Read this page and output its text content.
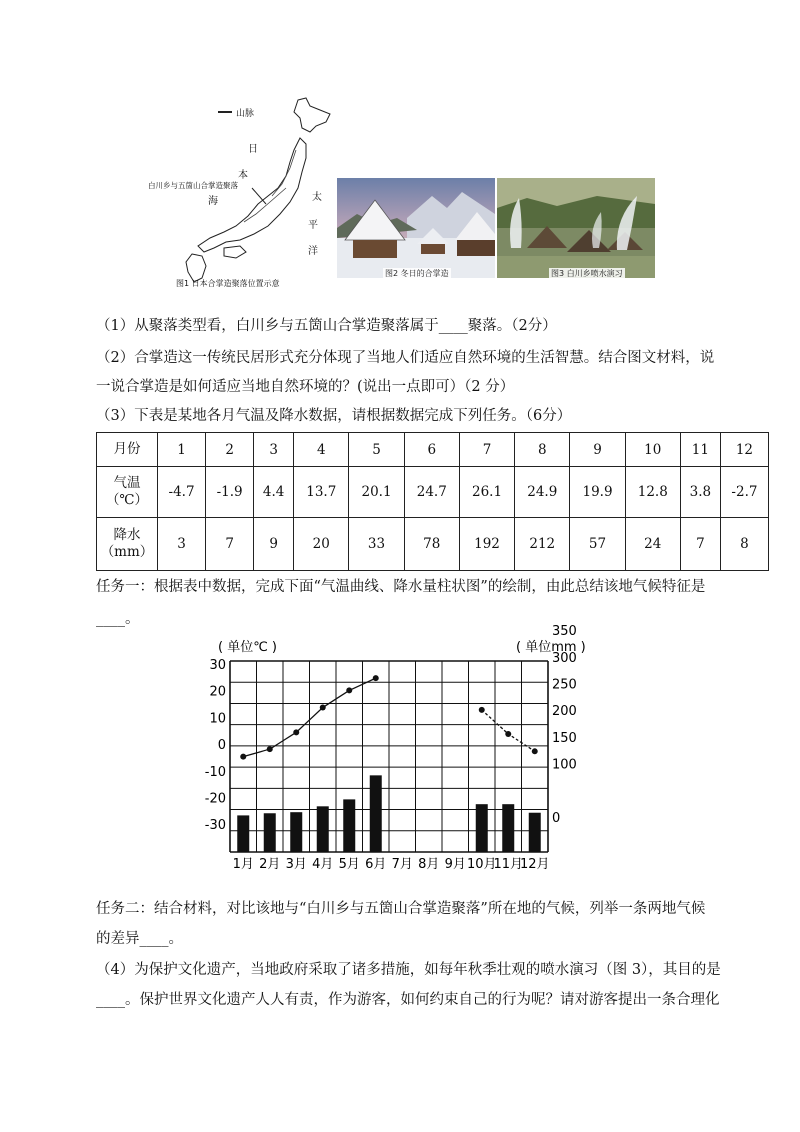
山脉
日
本
海	太
平
洋
白川乡与五箇山合掌造聚落
图1 日本合掌造聚落位置示意
图2 冬日的合掌造	图3 白川乡喷水演习
（1）从聚落类型看，白川乡与五箇山合掌造聚落属于____聚落。（2分）
（2）合掌造这一传统民居形式充分体现了当地人们适应自然环境的生活智慧。结合图文材料，说
一说合掌造是如何适应当地自然环境的？(说出一点即可）（2 分）
（3）下表是某地各月气温及降水数据，请根据数据完成下列任务。（6分）
月份	1	2	3	4	5	6	7	8	9	10	11	12
气温
（℃）	-4.7	-1.9	4.4	13.7	20.1	24.7	26.1	24.9	19.9	12.8	3.8	-2.7
降水
（mm）	3	7	9	20	33	78	192	212	57	24	7	8
任务一：根据表中数据，完成下面“气温曲线、降水量柱状图”的绘制，由此总结该地气候特征是
____。
30
20
10
0
-10
-20
-30
350
300
250
200
150
100
0
( 单位℃ )	( 单位mm )
1月 2月 3月 4月 5月 6月 7月 8月 9月 10月
11月
12月
任务二：结合材料，对比该地与“白川乡与五箇山合掌造聚落”所在地的气候，列举一条两地气候
的差异____。
（4）为保护文化遗产，当地政府采取了诸多措施，如每年秋季壮观的喷水演习（图 3），其目的是
____。保护世界文化遗产人人有责，作为游客，如何约束自己的行为呢？请对游客提出一条合理化
